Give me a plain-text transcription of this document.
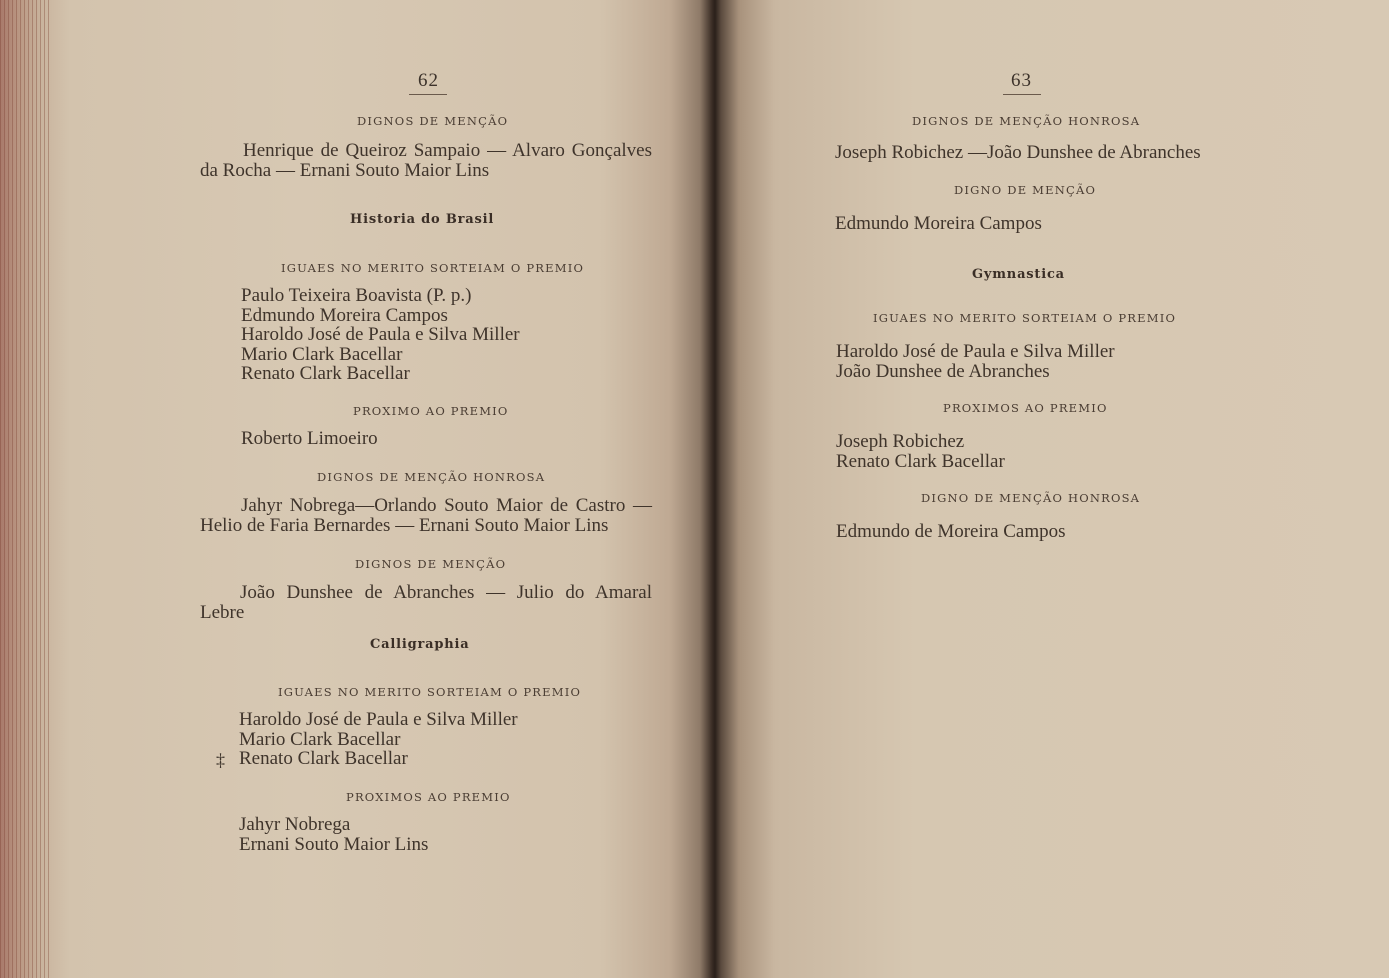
62
DIGNOS DE MENÇÃO
Henrique de Queiroz Sampaio — Alvaro Gonçalves da Rocha — Ernani Souto Maior Lins
Historia do Brasil
IGUAES NO MERITO SORTEIAM O PREMIO
Paulo Teixeira Boavista (P. p.)
Edmundo Moreira Campos
Haroldo José de Paula e Silva Miller
Mario Clark Bacellar
Renato Clark Bacellar
PROXIMO AO PREMIO
Roberto Limoeiro
DIGNOS DE MENÇÃO HONROSA
Jahyr Nobrega—Orlando Souto Maior de Castro — Helio de Faria Bernardes — Ernani Souto Maior Lins
DIGNOS DE MENÇÃO
João Dunshee de Abranches — Julio do Amaral Lebre
Calligraphia
IGUAES NO MERITO SORTEIAM O PREMIO
Haroldo José de Paula e Silva Miller
Mario Clark Bacellar
Renato Clark Bacellar
‡
PROXIMOS AO PREMIO
Jahyr Nobrega
Ernani Souto Maior Lins
63
DIGNOS DE MENÇÃO HONROSA
Joseph Robichez —João Dunshee de Abranches
DIGNO DE MENÇÃO
Edmundo Moreira Campos
Gymnastica
IGUAES NO MERITO SORTEIAM O PREMIO
Haroldo José de Paula e Silva Miller
João Dunshee de Abranches
PROXIMOS AO PREMIO
Joseph Robichez
Renato Clark Bacellar
DIGNO DE MENÇÃO HONROSA
Edmundo de Moreira Campos
